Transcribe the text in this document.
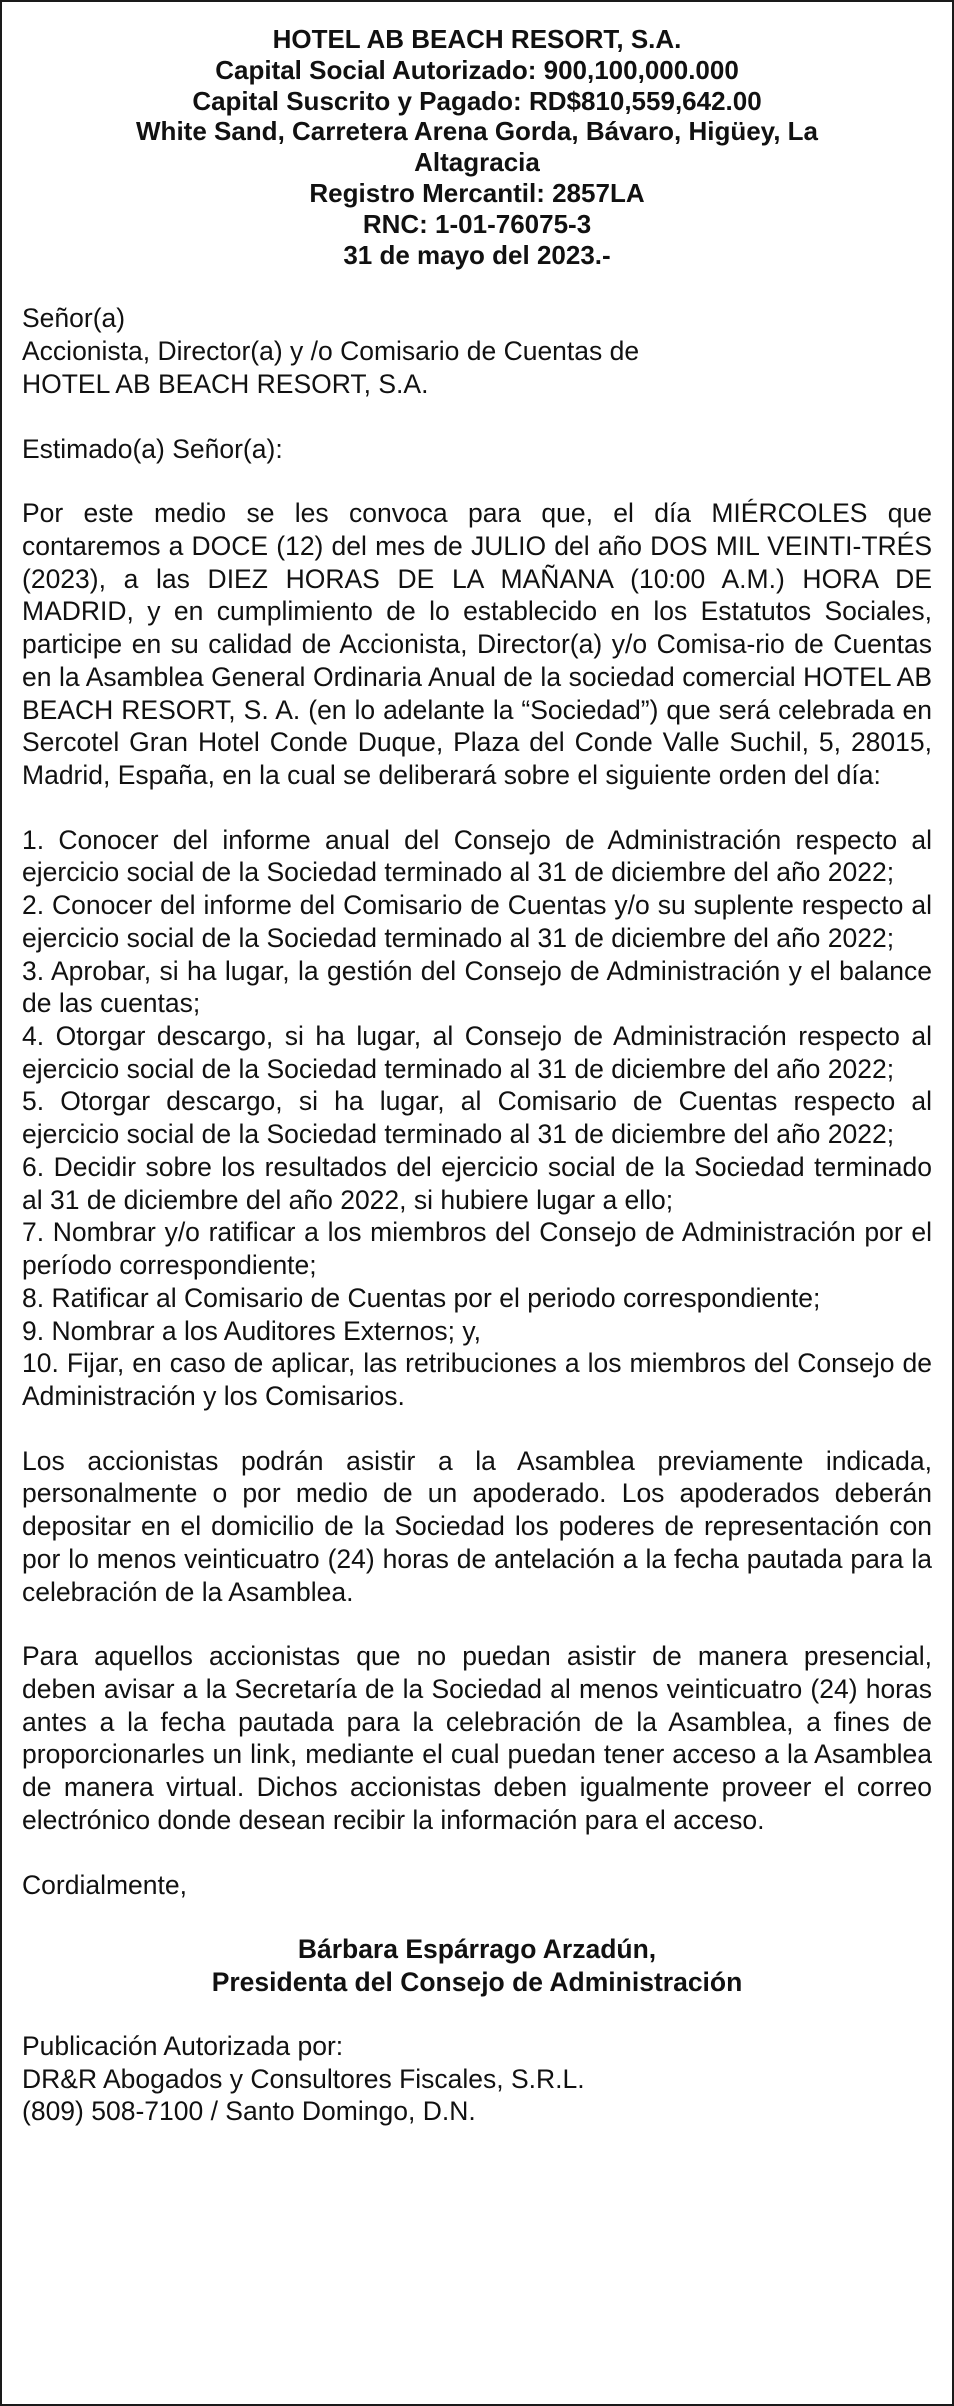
HOTEL AB BEACH RESORT, S.A.
Capital Social Autorizado: 900,100,000.000
Capital Suscrito y Pagado: RD$810,559,642.00
White Sand, Carretera Arena Gorda, Bávaro, Higüey, La
Altagracia
Registro Mercantil: 2857LA
RNC: 1-01-76075-3
31 de mayo del 2023.-
Señor(a)
Accionista, Director(a) y /o Comisario de Cuentas de
HOTEL AB BEACH RESORT, S.A.

Estimado(a) Señor(a):

Por este medio se les convoca para que, el día MIÉRCOLES que contaremos a DOCE (12) del mes de JULIO del año DOS MIL VEINTI-TRÉS (2023), a las DIEZ HORAS DE LA MAÑANA (10:00 A.M.) HORA DE MADRID, y en cumplimiento de lo establecido en los Estatutos Sociales, participe en su calidad de Accionista, Director(a) y/o Comisa-rio de Cuentas en la Asamblea General Ordinaria Anual de la sociedad comercial HOTEL AB BEACH RESORT, S. A. (en lo adelante la “Sociedad”) que será celebrada en Sercotel Gran Hotel Conde Duque, Plaza del Conde Valle Suchil, 5, 28015, Madrid, España, en la cual se deliberará sobre el siguiente orden del día:

1. Conocer del informe anual del Consejo de Administración respecto al ejercicio social de la Sociedad terminado al 31 de diciembre del año 2022;

2. Conocer del informe del Comisario de Cuentas y/o su suplente respecto al ejercicio social de la Sociedad terminado al 31 de diciembre del año 2022;

3. Aprobar, si ha lugar, la gestión del Consejo de Administración y el balance de las cuentas;

4. Otorgar descargo, si ha lugar, al Consejo de Administración respecto al ejercicio social de la Sociedad terminado al 31 de diciembre del año 2022;

5. Otorgar descargo, si ha lugar, al Comisario de Cuentas respecto al ejercicio social de la Sociedad terminado al 31 de diciembre del año 2022;

6. Decidir sobre los resultados del ejercicio social de la Sociedad terminado al 31 de diciembre del año 2022, si hubiere lugar a ello;

7. Nombrar y/o ratificar a los miembros del Consejo de Administración por el período correspondiente;

8. Ratificar al Comisario de Cuentas por el periodo correspondiente;

9. Nombrar a los Auditores Externos; y,

10. Fijar, en caso de aplicar, las retribuciones a los miembros del Consejo de Administración y los Comisarios.

Los accionistas podrán asistir a la Asamblea previamente indicada, personalmente o por medio de un apoderado. Los apoderados deberán depositar en el domicilio de la Sociedad los poderes de representación con por lo menos veinticuatro (24) horas de antelación a la fecha pautada para la celebración de la Asamblea.

Para aquellos accionistas que no puedan asistir de manera presencial, deben avisar a la Secretaría de la Sociedad al menos veinticuatro (24) horas antes a la fecha pautada para la celebración de la Asamblea, a fines de proporcionarles un link, mediante el cual puedan tener acceso a la Asamblea de manera virtual. Dichos accionistas deben igualmente proveer el correo electrónico donde desean recibir la información para el acceso.

Cordialmente,

Bárbara Espárrago Arzadún,
Presidenta del Consejo de Administración
Publicación Autorizada por:
DR&R Abogados y Consultores Fiscales, S.R.L.
(809) 508-7100 / Santo Domingo, D.N.
